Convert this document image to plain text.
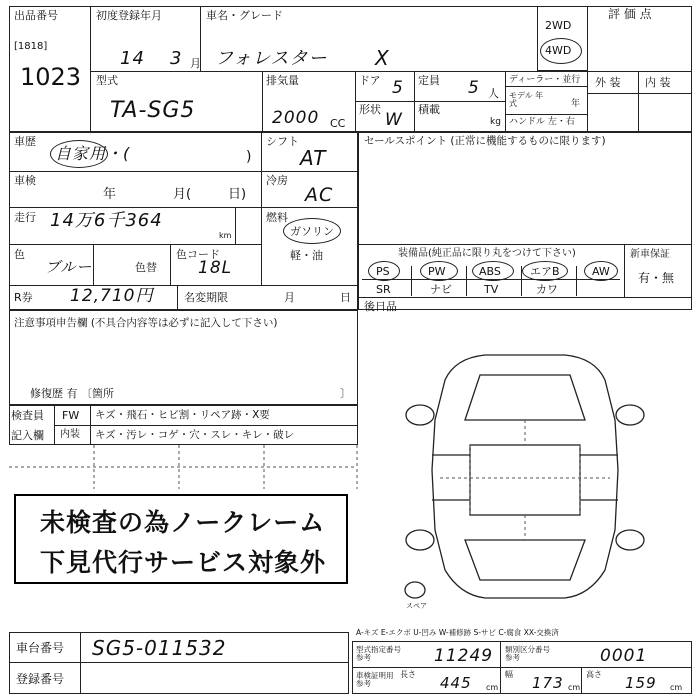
出品番号
[1818]
1023
初度登録年月
14 3 月
車名・グレード
フォレスター X
2WD
4WD
評 価 点
外 装 内 装
型式
TA-SG5
排気量
2000 CC
ドア 5
形状
W
定員 5 人
積載
kg
ディーラー・並行
モデル 年式	年
ハンドル 左・右
車歴
自家用・(	)
シフト
AT
車検
年	月(	日)
冷房
AC
走行 14万6千364
km
燃料
ガソリン
軽・油
色
ブルー	色替
色コード
18L
R券 12,710円	名変期限	月	日
注意事項申告欄 (不具合内容等は必ずに記入して下さい)
修復歴 有 〔箇所	〕
検査員
記入欄
FW キズ・飛石・ヒビ割・リペア跡・X要
内装 キズ・汚レ・コゲ・穴・スレ・キレ・破レ
未検査の為ノークレーム
下見代行サービス対象外
セールスポイント (正常に機能するものに限ります)
装備品(純正品に限り丸をつけて下さい)	新車保証
有・無
PS	PW	ABS	エアB	AW
SR	ナビ	TV	カワ
後日品
スペア
A-キズ E-エクボ U-凹み W-補修跡 S-サビ C-腐食 XX-交換済
車台番号 SG5-011532
登録番号
型式指定番号 参考	11249 類別区分番号 参考	0001
車検証明用 参考
長さ 445 cm
幅 173 cm
高さ 159 cm
